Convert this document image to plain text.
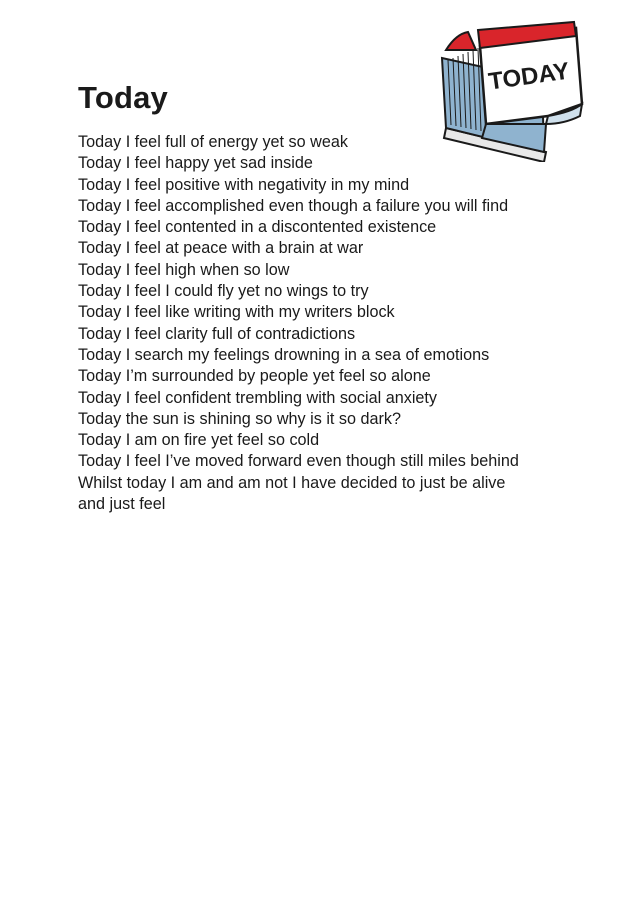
Today
Today I feel full of energy yet so weak
Today I feel happy yet sad inside
Today I feel positive with negativity in my mind
Today I feel accomplished even though a failure you will find
Today I feel contented in a discontented existence
Today I feel at peace with a brain at war
Today I feel high when so low
Today I feel I could fly yet no wings to try
Today I feel like writing with my writers block
Today I feel clarity full of contradictions
Today I search my feelings drowning in a sea of emotions
Today I’m surrounded by people yet feel so alone
Today I feel confident trembling with social anxiety
Today the sun is shining so why is it so dark?
Today I am on fire yet feel so cold
Today I feel I’ve moved forward even though still miles behind
Whilst today I am and am not I have decided to just be alive
and just feel
TODAY
